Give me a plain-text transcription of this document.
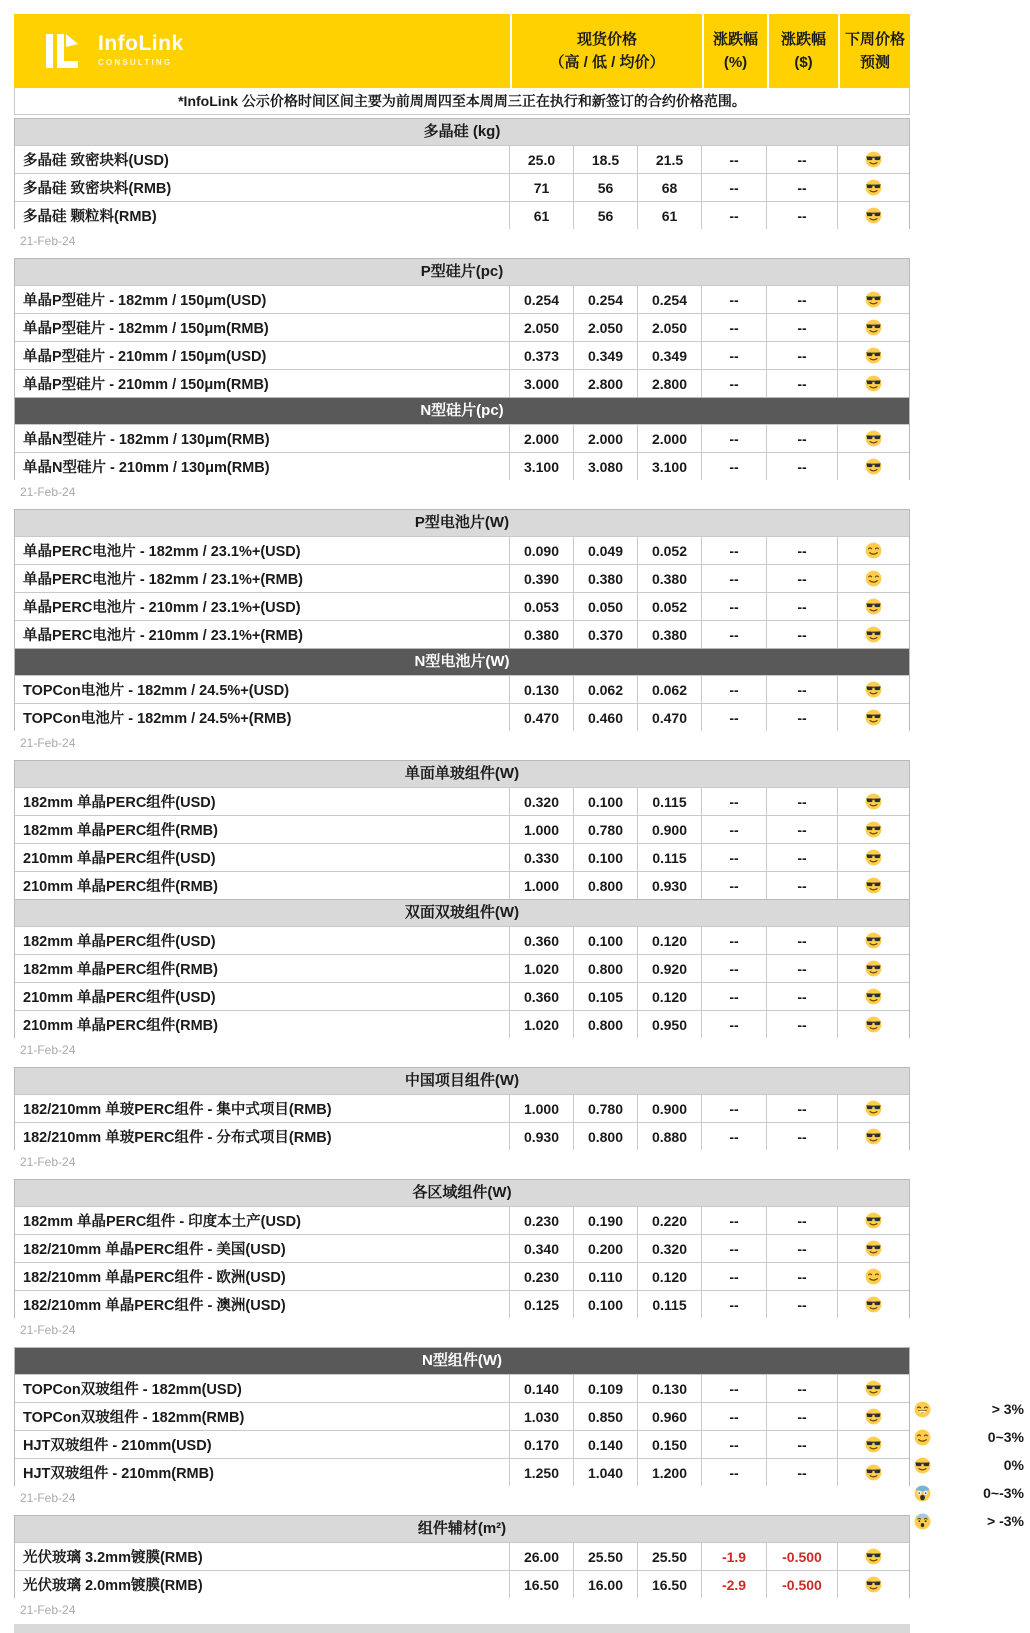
InfoLink
CONSULTING
现货价格
（高 / 低 / 均价）
涨跌幅
(%)
涨跌幅
($)
下周价格
预测
*InfoLink 公示价格时间区间主要为前周周四至本周周三正在执行和新签订的合约价格范围。
多晶硅 (kg)
多晶硅 致密块料(USD)	25.0	18.5	21.5	--	--
多晶硅 致密块料(RMB)	71	56	68	--	--
多晶硅 颗粒料(RMB)	61	56	61	--	--
21-Feb-24
P型硅片(pc)
单晶P型硅片 - 182mm / 150μm(USD)	0.254	0.254	0.254	--	--
单晶P型硅片 - 182mm / 150μm(RMB)	2.050	2.050	2.050	--	--
单晶P型硅片 - 210mm / 150μm(USD)	0.373	0.349	0.349	--	--
单晶P型硅片 - 210mm / 150μm(RMB)	3.000	2.800	2.800	--	--
N型硅片(pc)
单晶N型硅片 - 182mm / 130μm(RMB)	2.000	2.000	2.000	--	--
单晶N型硅片 - 210mm / 130μm(RMB)	3.100	3.080	3.100	--	--
21-Feb-24
P型电池片(W)
单晶PERC电池片 - 182mm / 23.1%+(USD)	0.090	0.049	0.052	--	--
单晶PERC电池片 - 182mm / 23.1%+(RMB)	0.390	0.380	0.380	--	--
单晶PERC电池片 - 210mm / 23.1%+(USD)	0.053	0.050	0.052	--	--
单晶PERC电池片 - 210mm / 23.1%+(RMB)	0.380	0.370	0.380	--	--
N型电池片(W)
TOPCon电池片 - 182mm / 24.5%+(USD)	0.130	0.062	0.062	--	--
TOPCon电池片 - 182mm / 24.5%+(RMB)	0.470	0.460	0.470	--	--
21-Feb-24
单面单玻组件(W)
182mm 单晶PERC组件(USD)	0.320	0.100	0.115	--	--
182mm 单晶PERC组件(RMB)	1.000	0.780	0.900	--	--
210mm 单晶PERC组件(USD)	0.330	0.100	0.115	--	--
210mm 单晶PERC组件(RMB)	1.000	0.800	0.930	--	--
双面双玻组件(W)
182mm 单晶PERC组件(USD)	0.360	0.100	0.120	--	--
182mm 单晶PERC组件(RMB)	1.020	0.800	0.920	--	--
210mm 单晶PERC组件(USD)	0.360	0.105	0.120	--	--
210mm 单晶PERC组件(RMB)	1.020	0.800	0.950	--	--
21-Feb-24
中国项目组件(W)
182/210mm 单玻PERC组件 - 集中式项目(RMB)	1.000	0.780	0.900	--	--
182/210mm 单玻PERC组件 - 分布式项目(RMB)	0.930	0.800	0.880	--	--
21-Feb-24
各区域组件(W)
182mm 单晶PERC组件 - 印度本土产(USD)	0.230	0.190	0.220	--	--
182/210mm 单晶PERC组件 - 美国(USD)	0.340	0.200	0.320	--	--
182/210mm 单晶PERC组件 - 欧洲(USD)	0.230	0.110	0.120	--	--
182/210mm 单晶PERC组件 - 澳洲(USD)	0.125	0.100	0.115	--	--
21-Feb-24
N型组件(W)
TOPCon双玻组件 - 182mm(USD)	0.140	0.109	0.130	--	--
TOPCon双玻组件 - 182mm(RMB)	1.030	0.850	0.960	--	--
HJT双玻组件 - 210mm(USD)	0.170	0.140	0.150	--	--
HJT双玻组件 - 210mm(RMB)	1.250	1.040	1.200	--	--
21-Feb-24
组件辅材(m²)
光伏玻璃 3.2mm镀膜(RMB)	26.00	25.50	25.50	-1.9	-0.500
光伏玻璃 2.0mm镀膜(RMB)	16.50	16.00	16.50	-2.9	-0.500
21-Feb-24
> 3%
0~3%
0%
0~-3%
> -3%
